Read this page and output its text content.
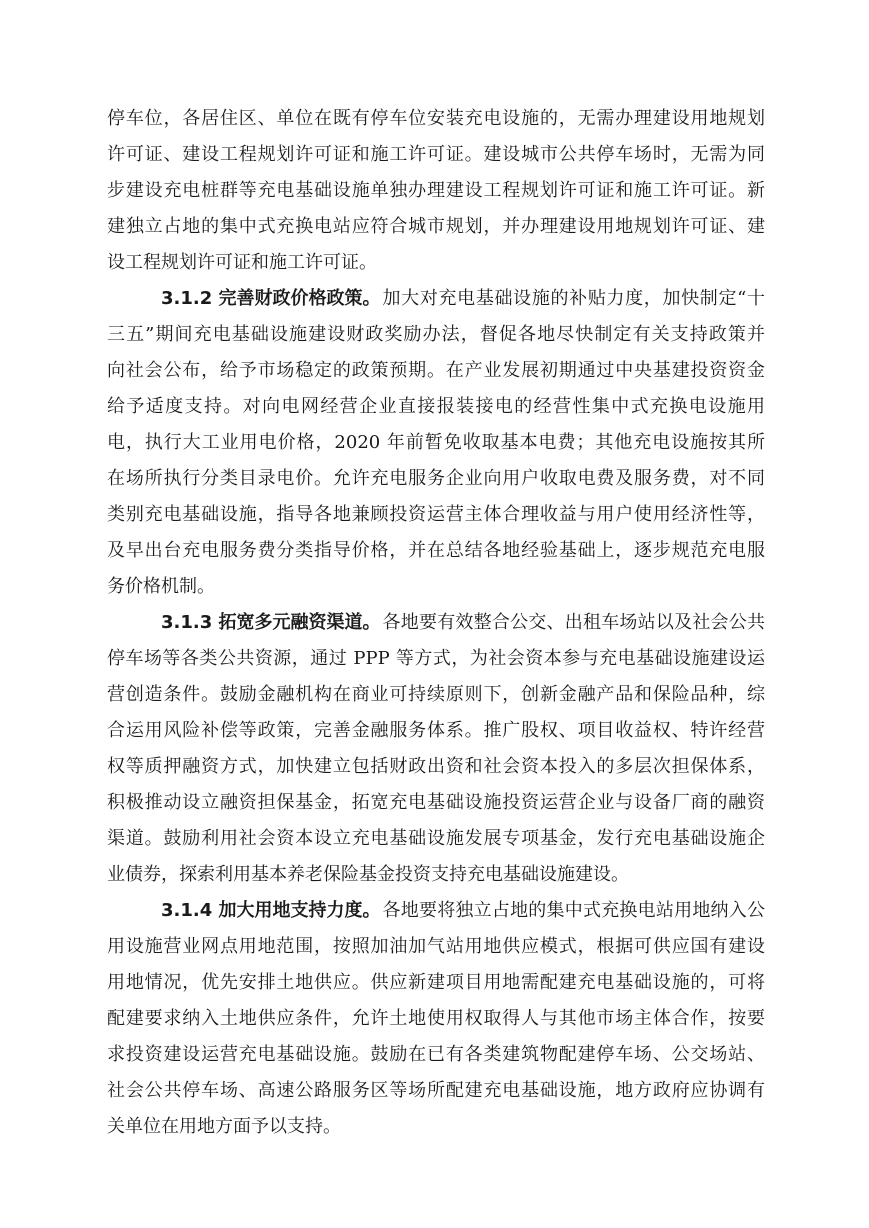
停车位，各居住区、单位在既有停车位安装充电设施的，无需办理建设用地规划
许可证、建设工程规划许可证和施工许可证。建设城市公共停车场时，无需为同
步建设充电桩群等充电基础设施单独办理建设工程规划许可证和施工许可证。新
建独立占地的集中式充换电站应符合城市规划，并办理建设用地规划许可证、建
设工程规划许可证和施工许可证。
3.1.2 完善财政价格政策。 加大对充电基础设施的补贴力度，加快制定“十
三五”期间充电基础设施建设财政奖励办法，督促各地尽快制定有关支持政策并
向社会公布，给予市场稳定的政策预期。在产业发展初期通过中央基建投资资金
给予适度支持。对向电网经营企业直接报装接电的经营性集中式充换电设施用
电，执行大工业用电价格，2020 年前暂免收取基本电费；其他充电设施按其所
在场所执行分类目录电价。允许充电服务企业向用户收取电费及服务费，对不同
类别充电基础设施，指导各地兼顾投资运营主体合理收益与用户使用经济性等，
及早出台充电服务费分类指导价格，并在总结各地经验基础上，逐步规范充电服
务价格机制。
3.1.3 拓宽多元融资渠道。 各地要有效整合公交、出租车场站以及社会公共
停车场等各类公共资源，通过 PPP 等方式，为社会资本参与充电基础设施建设运
营创造条件。鼓励金融机构在商业可持续原则下，创新金融产品和保险品种，综
合运用风险补偿等政策，完善金融服务体系。推广股权、项目收益权、特许经营
权等质押融资方式，加快建立包括财政出资和社会资本投入的多层次担保体系，
积极推动设立融资担保基金，拓宽充电基础设施投资运营企业与设备厂商的融资
渠道。鼓励利用社会资本设立充电基础设施发展专项基金，发行充电基础设施企
业债券，探索利用基本养老保险基金投资支持充电基础设施建设。
3.1.4 加大用地支持力度。 各地要将独立占地的集中式充换电站用地纳入公
用设施营业网点用地范围，按照加油加气站用地供应模式，根据可供应国有建设
用地情况，优先安排土地供应。供应新建项目用地需配建充电基础设施的，可将
配建要求纳入土地供应条件，允许土地使用权取得人与其他市场主体合作，按要
求投资建设运营充电基础设施。鼓励在已有各类建筑物配建停车场、公交场站、
社会公共停车场、高速公路服务区等场所配建充电基础设施，地方政府应协调有
关单位在用地方面予以支持。
